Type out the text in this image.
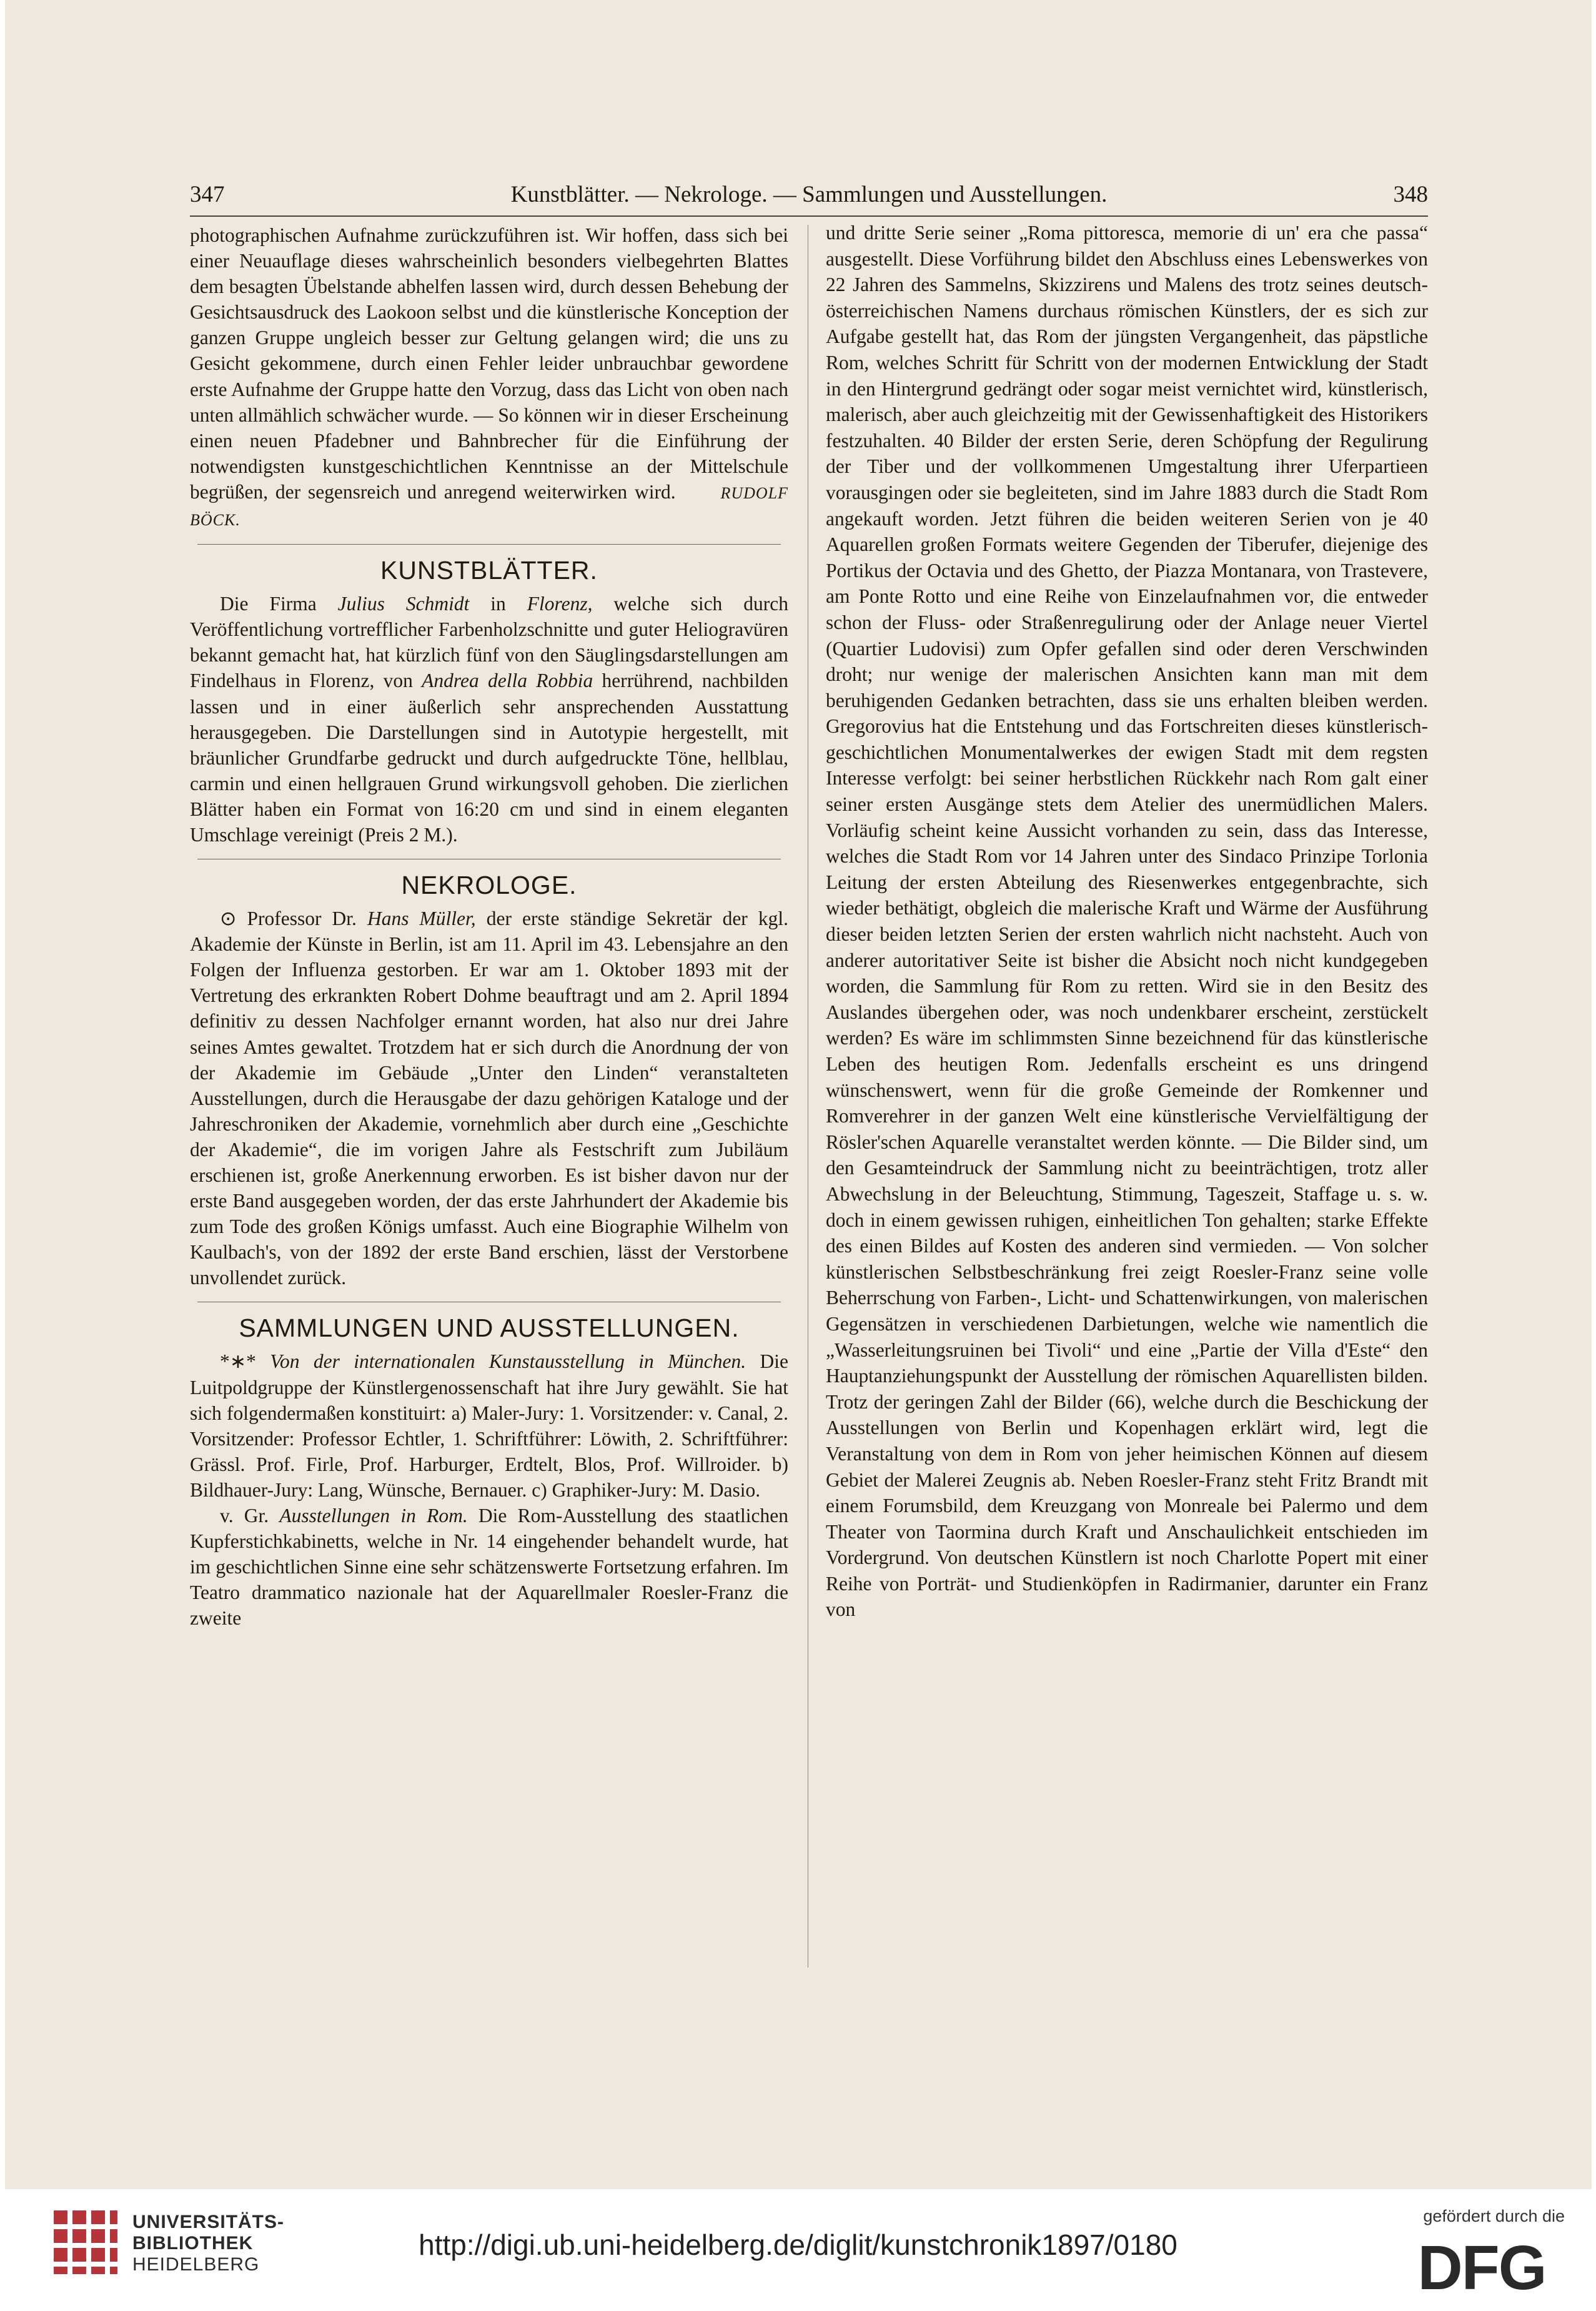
347	Kunstblätter. — Nekrologe. — Sammlungen und Ausstellungen.	348

photographischen Aufnahme zurückzuführen ist. Wir hoffen, dass sich bei einer Neuauflage dieses wahrscheinlich besonders vielbegehrten Blattes dem besagten Übelstande abhelfen lassen wird, durch dessen Behebung der Gesichtsausdruck des Laokoon selbst und die künstlerische Konception der ganzen Gruppe ungleich besser zur Geltung gelangen wird; die uns zu Gesicht gekommene, durch einen Fehler leider unbrauchbar gewordene erste Aufnahme der Gruppe hatte den Vorzug, dass das Licht von oben nach unten allmählich schwächer wurde. — So können wir in dieser Erscheinung einen neuen Pfadebner und Bahnbrecher für die Einführung der notwendigsten kunstgeschichtlichen Kenntnisse an der Mittelschule begrüßen, der segensreich und anregend weiterwirken wird.	RUDOLF BÖCK.

KUNSTBLÄTTER.

Die Firma Julius Schmidt in Florenz, welche sich durch Veröffentlichung vortrefflicher Farbenholzschnitte und guter Heliogravüren bekannt gemacht hat, hat kürzlich fünf von den Säuglingsdarstellungen am Findelhaus in Florenz, von Andrea della Robbia herrührend, nachbilden lassen und in einer äußerlich sehr ansprechenden Ausstattung herausgegeben. Die Darstellungen sind in Autotypie hergestellt, mit bräunlicher Grundfarbe gedruckt und durch aufgedruckte Töne, hellblau, carmin und einen hellgrauen Grund wirkungsvoll gehoben. Die zierlichen Blätter haben ein Format von 16:20 cm und sind in einem eleganten Umschlage vereinigt (Preis 2 M.).

NEKROLOGE.

⊙ Professor Dr. Hans Müller, der erste ständige Sekretär der kgl. Akademie der Künste in Berlin, ist am 11. April im 43. Lebensjahre an den Folgen der Influenza gestorben. Er war am 1. Oktober 1893 mit der Vertretung des erkrankten Robert Dohme beauftragt und am 2. April 1894 definitiv zu dessen Nachfolger ernannt worden, hat also nur drei Jahre seines Amtes gewaltet. Trotzdem hat er sich durch die Anordnung der von der Akademie im Gebäude „Unter den Linden“ veranstalteten Ausstellungen, durch die Herausgabe der dazu gehörigen Kataloge und der Jahreschroniken der Akademie, vornehmlich aber durch eine „Geschichte der Akademie“, die im vorigen Jahre als Festschrift zum Jubiläum erschienen ist, große Anerkennung erworben. Es ist bisher davon nur der erste Band ausgegeben worden, der das erste Jahrhundert der Akademie bis zum Tode des großen Königs umfasst. Auch eine Biographie Wilhelm von Kaulbach's, von der 1892 der erste Band erschien, lässt der Verstorbene unvollendet zurück.

SAMMLUNGEN UND AUSSTELLUNGEN.

*∗* Von der internationalen Kunstausstellung in München. Die Luitpoldgruppe der Künstlergenossenschaft hat ihre Jury gewählt. Sie hat sich folgendermaßen konstituirt: a) Maler-Jury: 1. Vorsitzender: v. Canal, 2. Vorsitzender: Professor Echtler, 1. Schriftführer: Löwith, 2. Schriftführer: Grässl. Prof. Firle, Prof. Harburger, Erdtelt, Blos, Prof. Willroider. b) Bildhauer-Jury: Lang, Wünsche, Bernauer. c) Graphiker-Jury: M. Dasio.

v. Gr. Ausstellungen in Rom. Die Rom-Ausstellung des staatlichen Kupferstichkabinetts, welche in Nr. 14 eingehender behandelt wurde, hat im geschichtlichen Sinne eine sehr schätzenswerte Fortsetzung erfahren. Im Teatro drammatico nazionale hat der Aquarellmaler Roesler-Franz die zweite

und dritte Serie seiner „Roma pittoresca, memorie di un' era che passa“ ausgestellt. Diese Vorführung bildet den Abschluss eines Lebenswerkes von 22 Jahren des Sammelns, Skizzirens und Malens des trotz seines deutsch-österreichischen Namens durchaus römischen Künstlers, der es sich zur Aufgabe gestellt hat, das Rom der jüngsten Vergangenheit, das päpstliche Rom, welches Schritt für Schritt von der modernen Entwicklung der Stadt in den Hintergrund gedrängt oder sogar meist vernichtet wird, künstlerisch, malerisch, aber auch gleichzeitig mit der Gewissenhaftigkeit des Historikers festzuhalten. 40 Bilder der ersten Serie, deren Schöpfung der Regulirung der Tiber und der vollkommenen Umgestaltung ihrer Uferpartieen vorausgingen oder sie begleiteten, sind im Jahre 1883 durch die Stadt Rom angekauft worden. Jetzt führen die beiden weiteren Serien von je 40 Aquarellen großen Formats weitere Gegenden der Tiberufer, diejenige des Portikus der Octavia und des Ghetto, der Piazza Montanara, von Trastevere, am Ponte Rotto und eine Reihe von Einzelaufnahmen vor, die entweder schon der Fluss- oder Straßenregulirung oder der Anlage neuer Viertel (Quartier Ludovisi) zum Opfer gefallen sind oder deren Verschwinden droht; nur wenige der malerischen Ansichten kann man mit dem beruhigenden Gedanken betrachten, dass sie uns erhalten bleiben werden. Gregorovius hat die Entstehung und das Fortschreiten dieses künstlerisch-geschichtlichen Monumentalwerkes der ewigen Stadt mit dem regsten Interesse verfolgt: bei seiner herbstlichen Rückkehr nach Rom galt einer seiner ersten Ausgänge stets dem Atelier des unermüdlichen Malers. Vorläufig scheint keine Aussicht vorhanden zu sein, dass das Interesse, welches die Stadt Rom vor 14 Jahren unter des Sindaco Prinzipe Torlonia Leitung der ersten Abteilung des Riesenwerkes entgegenbrachte, sich wieder bethätigt, obgleich die malerische Kraft und Wärme der Ausführung dieser beiden letzten Serien der ersten wahrlich nicht nachsteht. Auch von anderer autoritativer Seite ist bisher die Absicht noch nicht kundgegeben worden, die Sammlung für Rom zu retten. Wird sie in den Besitz des Auslandes übergehen oder, was noch undenkbarer erscheint, zerstückelt werden? Es wäre im schlimmsten Sinne bezeichnend für das künstlerische Leben des heutigen Rom. Jedenfalls erscheint es uns dringend wünschenswert, wenn für die große Gemeinde der Romkenner und Romverehrer in der ganzen Welt eine künstlerische Vervielfältigung der Rösler'schen Aquarelle veranstaltet werden könnte. — Die Bilder sind, um den Gesamteindruck der Sammlung nicht zu beeinträchtigen, trotz aller Abwechslung in der Beleuchtung, Stimmung, Tageszeit, Staffage u. s. w. doch in einem gewissen ruhigen, einheitlichen Ton gehalten; starke Effekte des einen Bildes auf Kosten des anderen sind vermieden. — Von solcher künstlerischen Selbstbeschränkung frei zeigt Roesler-Franz seine volle Beherrschung von Farben-, Licht- und Schattenwirkungen, von malerischen Gegensätzen in verschiedenen Darbietungen, welche wie namentlich die „Wasserleitungsruinen bei Tivoli“ und eine „Partie der Villa d'Este“ den Hauptanziehungspunkt der Ausstellung der römischen Aquarellisten bilden. Trotz der geringen Zahl der Bilder (66), welche durch die Beschickung der Ausstellungen von Berlin und Kopenhagen erklärt wird, legt die Veranstaltung von dem in Rom von jeher heimischen Können auf diesem Gebiet der Malerei Zeugnis ab. Neben Roesler-Franz steht Fritz Brandt mit einem Forumsbild, dem Kreuzgang von Monreale bei Palermo und dem Theater von Taormina durch Kraft und Anschaulichkeit entschieden im Vordergrund. Von deutschen Künstlern ist noch Charlotte Popert mit einer Reihe von Porträt- und Studienköpfen in Radirmanier, darunter ein Franz von

UNIVERSITÄTS-
BIBLIOTHEK
HEIDELBERG
http://digi.ub.uni-heidelberg.de/diglit/kunstchronik1897/0180
gefördert durch die
DFG
